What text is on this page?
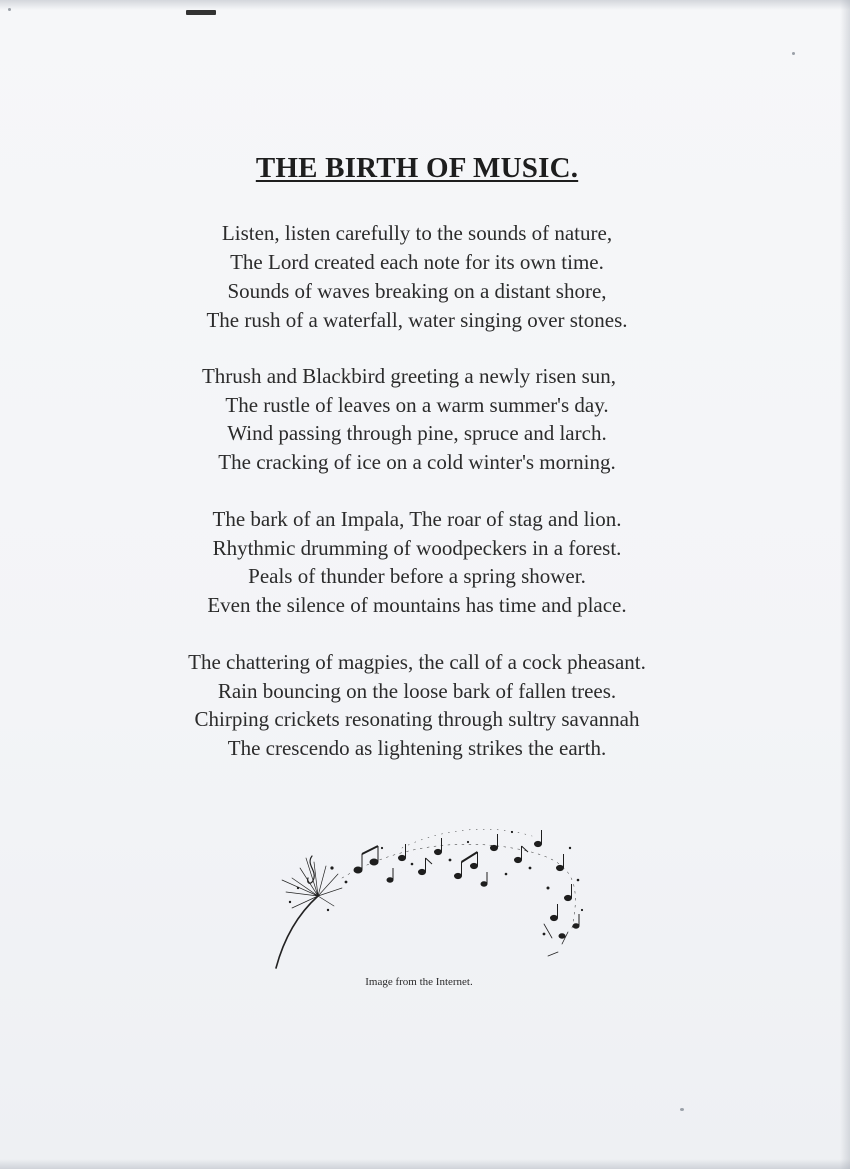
THE BIRTH OF MUSIC.
Listen, listen carefully to the sounds of nature,
The Lord created each note for its own time.
Sounds of waves breaking on a distant shore,
The rush of a waterfall, water singing over stones.
Thrush and Blackbird greeting a newly risen sun,
The rustle of leaves on a warm summer's day.
Wind passing through pine, spruce and larch.
The cracking of ice on a cold winter's morning.
The bark of an Impala, The roar of stag and lion.
Rhythmic drumming of woodpeckers in a forest.
Peals of thunder before a spring shower.
Even the silence of mountains has time and place.
The chattering of magpies, the call of a cock pheasant.
Rain bouncing on the loose bark of fallen trees.
Chirping crickets resonating through sultry savannah
The crescendo as lightening strikes the earth.
Image from the Internet.
